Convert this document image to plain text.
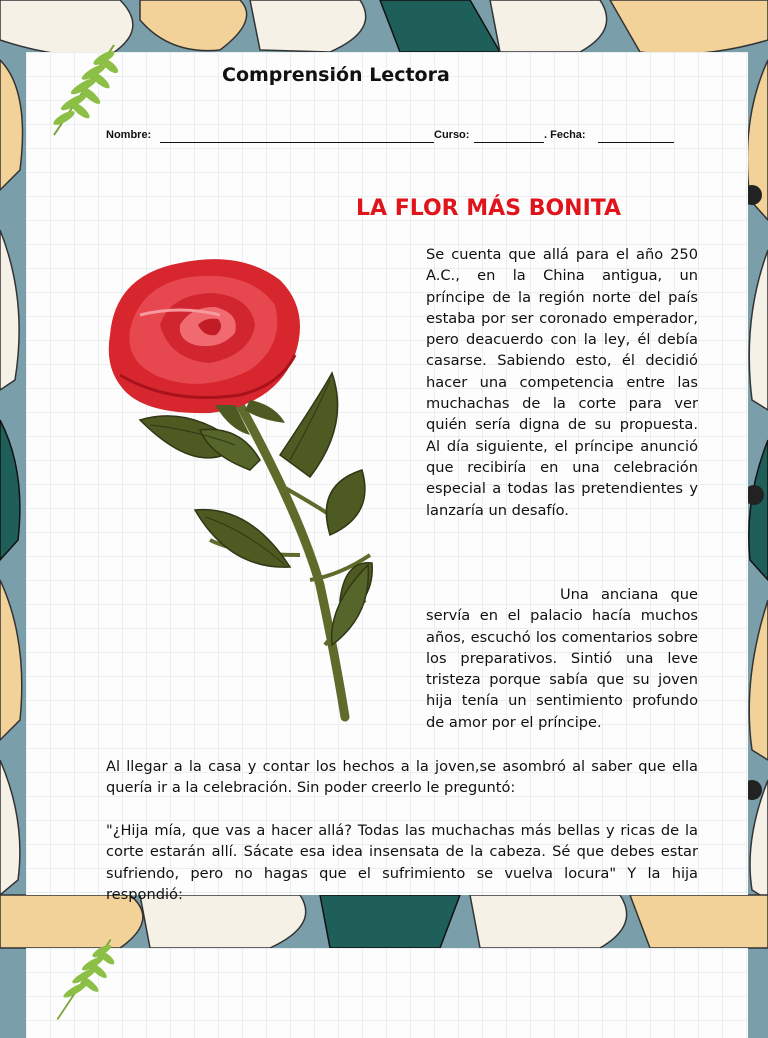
Comprensión Lectora
Nombre:	Curso:	. Fecha:
LA FLOR MÁS BONITA

Se cuenta que allá para el año 250 A.C., en la China antigua, un príncipe de la región norte del país estaba por ser coronado emperador, pero deacuerdo con la ley, él debía casarse. Sabiendo esto, él decidió hacer una competencia entre las muchachas de la corte para ver quién sería digna de su propuesta. Al día siguiente, el príncipe anunció que recibiría en una celebración especial a todas las pretendientes y lanzaría un desafío.

Una anciana que servía en el palacio hacía muchos años, escuchó los comentarios sobre los preparativos. Sintió una leve tristeza porque sabía que su joven hija tenía un sentimiento profundo de amor por el príncipe.

Al llegar a la casa y contar los hechos a la joven,se asombró al saber que ella quería ir a la celebración. Sin poder creerlo le preguntó:

"¿Hija mía, que vas a hacer allá? Todas las muchachas más bellas y ricas de la corte estarán allí. Sácate esa idea insensata de la cabeza. Sé que debes estar sufriendo, pero no hagas que el sufrimiento se vuelva locura" Y la hija respondió:
